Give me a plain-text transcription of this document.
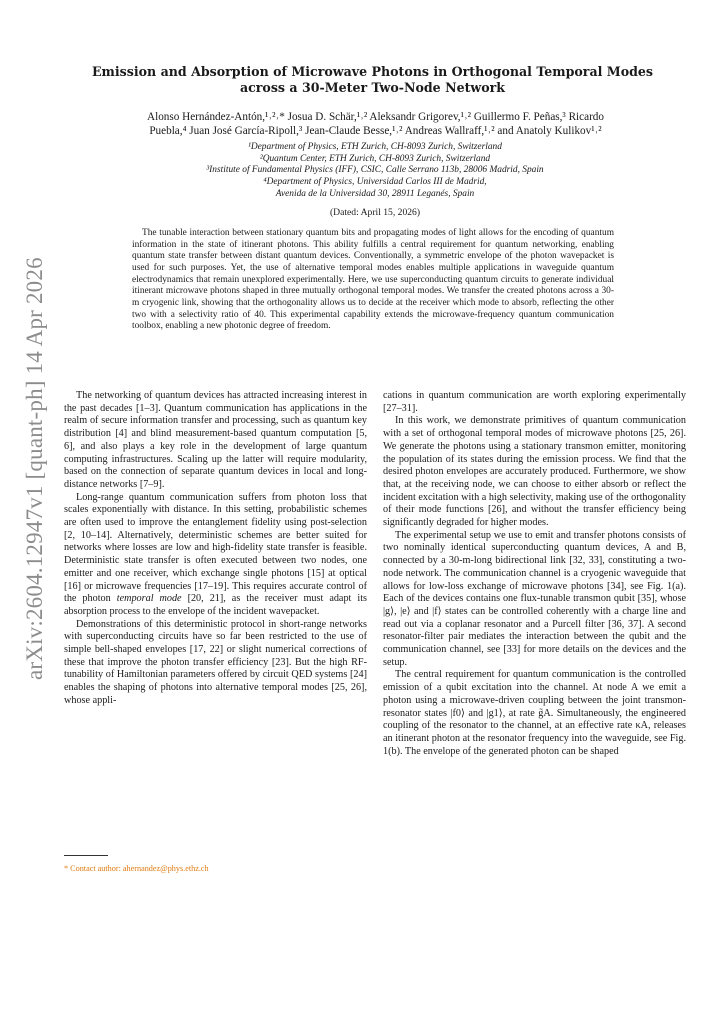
arXiv:2604.12947v1 [quant-ph] 14 Apr 2026
Emission and Absorption of Microwave Photons in Orthogonal Temporal Modes
across a 30-Meter Two-Node Network
Alonso Hernández-Antón,¹˒²˒* Josua D. Schär,¹˒² Aleksandr Grigorev,¹˒² Guillermo F. Peñas,³ Ricardo
Puebla,⁴ Juan José García-Ripoll,³ Jean-Claude Besse,¹˒² Andreas Wallraff,¹˒² and Anatoly Kulikov¹˒²
¹Department of Physics, ETH Zurich, CH-8093 Zurich, Switzerland
²Quantum Center, ETH Zurich, CH-8093 Zurich, Switzerland
³Institute of Fundamental Physics (IFF), CSIC, Calle Serrano 113b, 28006 Madrid, Spain
⁴Department of Physics, Universidad Carlos III de Madrid,
Avenida de la Universidad 30, 28911 Leganés, Spain
(Dated: April 15, 2026)
The tunable interaction between stationary quantum bits and propagating modes of light allows for the encoding of quantum information in the state of itinerant photons. This ability fulfills a central requirement for quantum networking, enabling quantum state transfer between distant quantum devices. Conventionally, a symmetric envelope of the photon wavepacket is used for such purposes. Yet, the use of alternative temporal modes enables multiple applications in waveguide quantum electrodynamics that remain unexplored experimentally. Here, we use superconducting quantum circuits to generate individual itinerant microwave photons shaped in three mutually orthogonal temporal modes. We transfer the created photons across a 30-m cryogenic link, showing that the orthogonality allows us to decide at the receiver which mode to absorb, reflecting the other two with a selectivity ratio of 40. This experimental capability extends the microwave-frequency quantum communication toolbox, enabling a new photonic degree of freedom.

The networking of quantum devices has attracted increasing interest in the past decades [1–3]. Quantum communication has applications in the realm of secure information transfer and processing, such as quantum key distribution [4] and blind measurement-based quantum computation [5, 6], and also plays a key role in the development of large quantum computing infrastructures. Scaling up the latter will require modularity, based on the connection of separate quantum devices in local and long-distance networks [7–9].

Long-range quantum communication suffers from photon loss that scales exponentially with distance. In this setting, probabilistic schemes are often used to improve the entanglement fidelity using post-selection [2, 10–14]. Alternatively, deterministic schemes are better suited for networks where losses are low and high-fidelity state transfer is feasible. Deterministic state transfer is often executed between two nodes, one emitter and one receiver, which exchange single photons [15] at optical [16] or microwave frequencies [17–19]. This requires accurate control of the photon temporal mode [20, 21], as the receiver must adapt its absorption process to the envelope of the incident wavepacket.

Demonstrations of this deterministic protocol in short-range networks with superconducting circuits have so far been restricted to the use of simple bell-shaped envelopes [17, 22] or slight numerical corrections of these that improve the photon transfer efficiency [23]. But the high RF-tunability of Hamiltonian parameters offered by circuit QED systems [24] enables the shaping of photons into alternative temporal modes [25, 26], whose appli-

cations in quantum communication are worth exploring experimentally [27–31].

In this work, we demonstrate primitives of quantum communication with a set of orthogonal temporal modes of microwave photons [25, 26]. We generate the photons using a stationary transmon emitter, monitoring the population of its states during the emission process. We find that the desired photon envelopes are accurately produced. Furthermore, we show that, at the receiving node, we can choose to either absorb or reflect the incident excitation with a high selectivity, making use of the orthogonality of their mode functions [26], and without the transfer efficiency being significantly degraded for higher modes.

The experimental setup we use to emit and transfer photons consists of two nominally identical superconducting quantum devices, A and B, connected by a 30-m-long bidirectional link [32, 33], constituting a two-node network. The communication channel is a cryogenic waveguide that allows for low-loss exchange of microwave photons [34], see Fig. 1(a). Each of the devices contains one flux-tunable transmon qubit [35], whose |g⟩, |e⟩ and |f⟩ states can be controlled coherently with a charge line and read out via a coplanar resonator and a Purcell filter [36, 37]. A second resonator-filter pair mediates the interaction between the qubit and the communication channel, see [33] for more details on the devices and the setup.

The central requirement for quantum communication is the controlled emission of a qubit excitation into the channel. At node A we emit a photon using a microwave-driven coupling between the joint transmon-resonator states |f0⟩ and |g1⟩, at rate g̃A. Simultaneously, the engineered coupling of the resonator to the channel, at an effective rate κA, releases an itinerant photon at the resonator frequency into the waveguide, see Fig. 1(b). The envelope of the generated photon can be shaped

* Contact author: ahernandez@phys.ethz.ch
